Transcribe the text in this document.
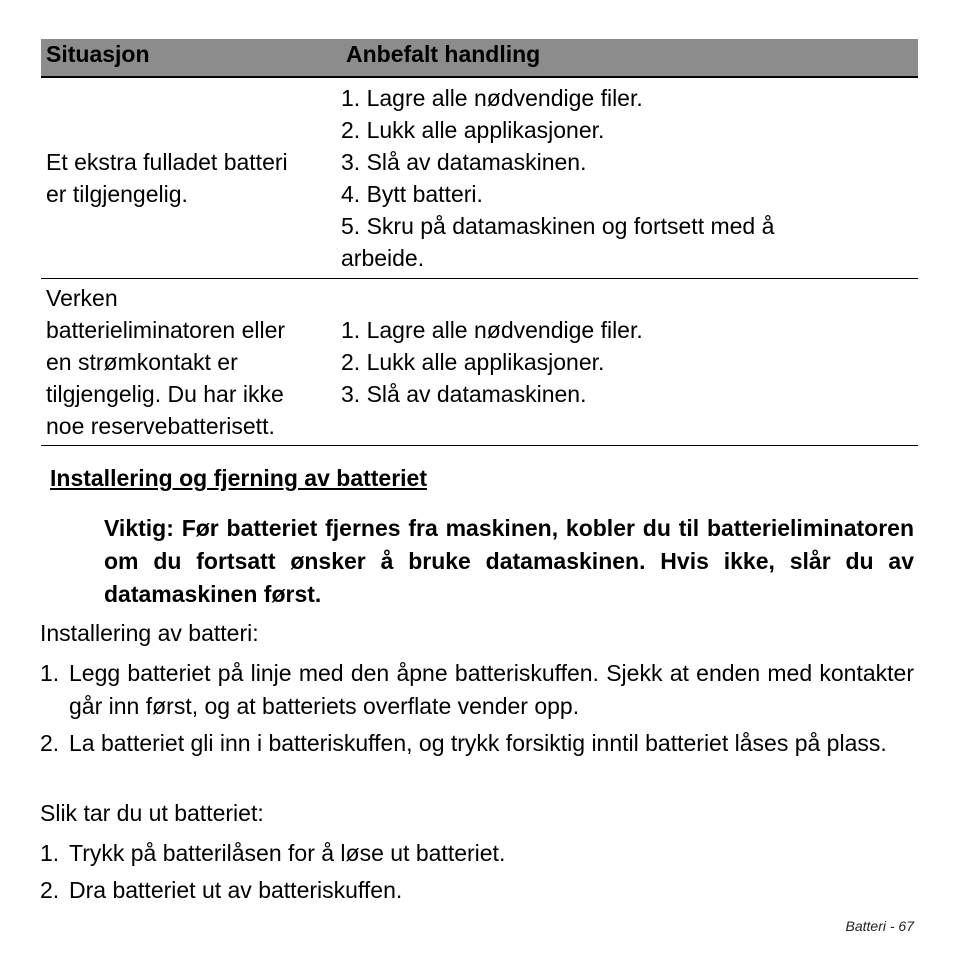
Situasjon	Anbefalt handling
Et ekstra fulladet batteri
er tilgjengelig.
1. Lagre alle nødvendige filer.
2. Lukk alle applikasjoner.
3. Slå av datamaskinen.
4. Bytt batteri.
5. Skru på datamaskinen og fortsett med å
arbeide.
Verken
batterieliminatoren eller
en strømkontakt er
tilgjengelig. Du har ikke
noe reservebatterisett.
1. Lagre alle nødvendige filer.
2. Lukk alle applikasjoner.
3. Slå av datamaskinen.
Installering og fjerning av batteriet
Viktig: Før batteriet fjernes fra maskinen, kobler du til batterieliminatoren om du fortsatt ønsker å bruke datamaskinen. Hvis ikke, slår du av datamaskinen først.
Installering av batteri:
1. Legg batteriet på linje med den åpne batteriskuffen. Sjekk at enden med kontakter går inn først, og at batteriets overflate vender opp.
2. La batteriet gli inn i batteriskuffen, og trykk forsiktig inntil batteriet låses på plass.
Slik tar du ut batteriet:
1. Trykk på batterilåsen for å løse ut batteriet.
2. Dra batteriet ut av batteriskuffen.
Batteri - 67
